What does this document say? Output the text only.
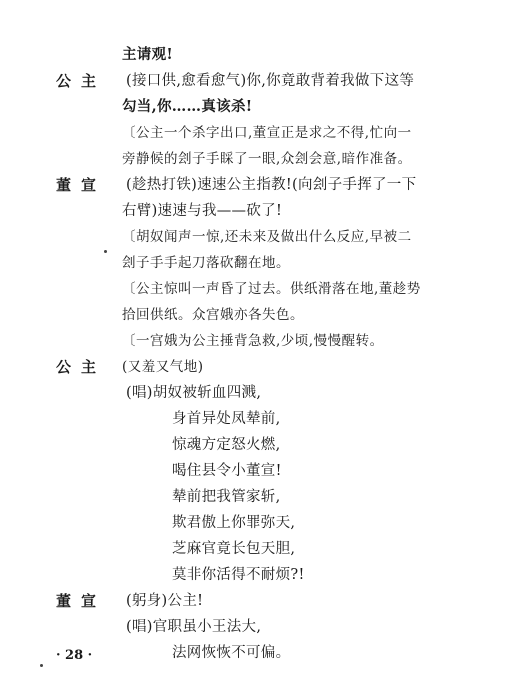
主请观!
公主 (接口供,愈看愈气)你,你竟敢背着我做下这等
勾当,你……真该杀!
〔公主一个杀字出口,董宣正是求之不得,忙向一
旁静候的刽子手睬了一眼,众刽会意,暗作准备。
董宣 (趁热打铁)速速公主指教!(向刽子手挥了一下
右臂)速速与我——砍了!
〔胡奴闻声一惊,还未来及做出什么反应,早被二
刽子手手起刀落砍翻在地。
〔公主惊叫一声昏了过去。供纸滑落在地,董趁势
拾回供纸。众宫娥亦各失色。
〔一宫娥为公主捶背急救,少顷,慢慢醒转。
公主 (又羞又气地)
(唱)胡奴被斩血四溅,
身首异处凤辇前,
惊魂方定怒火燃,
喝住县令小董宣!
辇前把我管家斩,
欺君傲上你罪弥天,
芝麻官竟长包天胆,
莫非你活得不耐烦?!
董宣 (躬身)公主!
(唱)官职虽小王法大,
法网恢恢不可偏。
· 28 ·
